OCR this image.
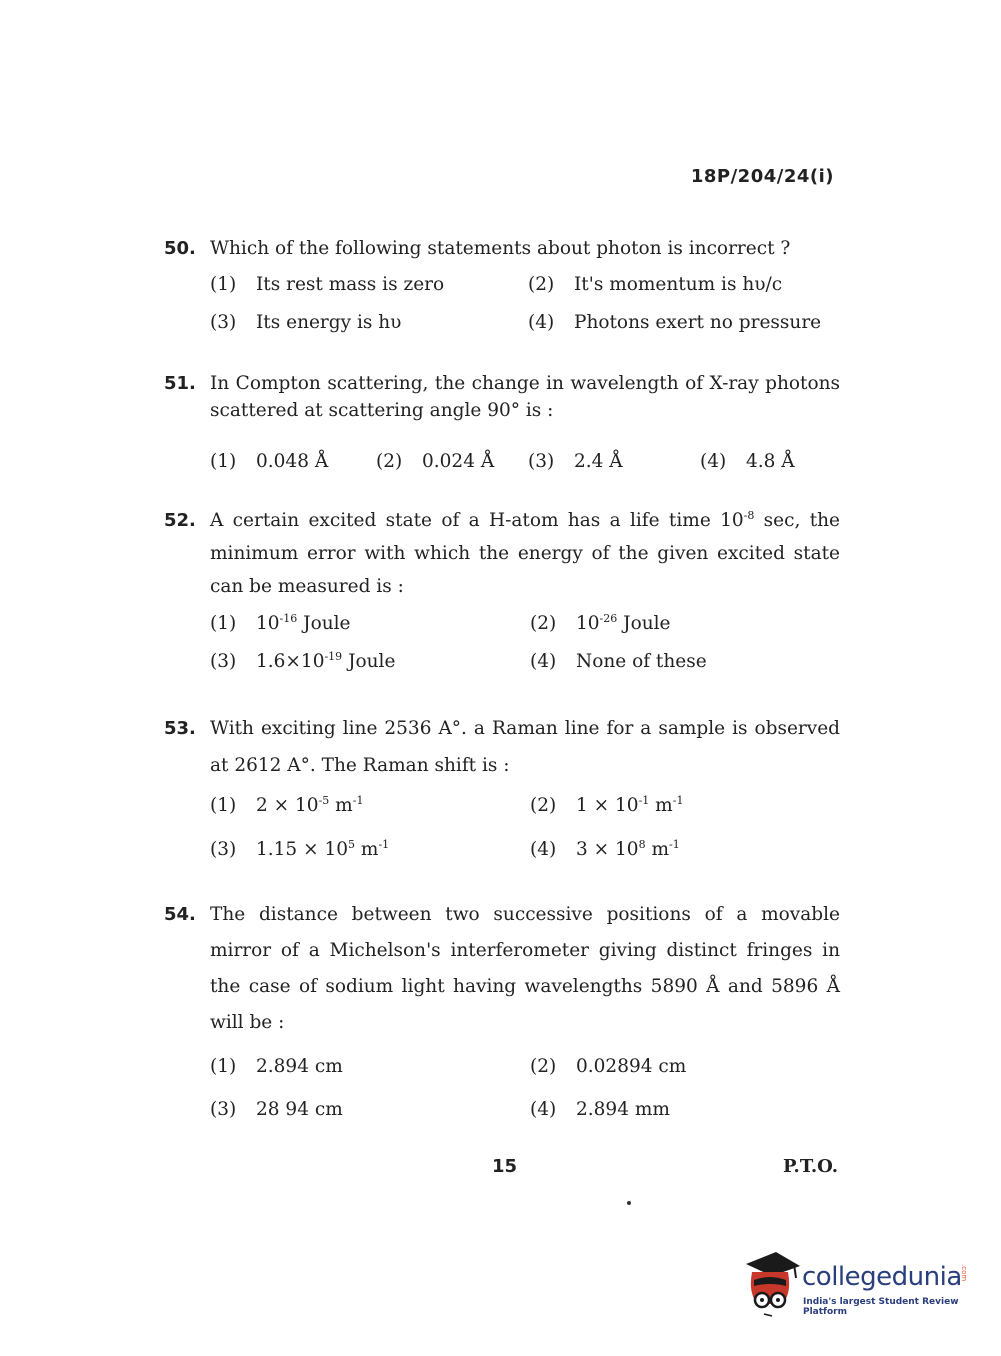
18P/204/24(i)
50. Which of the following statements about photon is incorrect ?
(1) Its rest mass is zero	(2) It's momentum is hυ/c
(3) Its energy is hυ	(4) Photons exert no pressure
51. In Compton scattering, the change in wavelength of X-ray photons scattered at scattering angle 90° is :
(1) 0.048 Å	(2) 0.024 Å (3) 2.4 Å	(4) 4.8 Å
52. A certain excited state of a H-atom has a life time $10^{-8}$ sec, the minimum error with which the energy of the given excited state can be measured is :
(1) $10^{-16}$ Joule	(2) $10^{-26}$ Joule
(3) $1.6\times 10^{-19}$ Joule	(4) None of these
53. With exciting line 2536 A°. a Raman line for a sample is observed at 2612 A°. The Raman shift is :
(1) $2 \times 10^{-5}$ $m^{-1}$	(2) $1 \times 10^{-1}$ $m^{-1}$
(3) $1.15 \times 10^5$ $m^{-1}$	(4) $3 \times 10^8$ $m^{-1}$
54. The distance between two successive positions of a movable mirror of a Michelson's interferometer giving distinct fringes in the case of sodium light having wavelengths 5890 Å and 5896 Å will be :
(1) 2.894 cm	(2) 0.02894 cm
(3) 28 94 cm	(4) 2.894 mm
15	P.T.O.
collegedunia
.com
India's largest Student Review Platform
